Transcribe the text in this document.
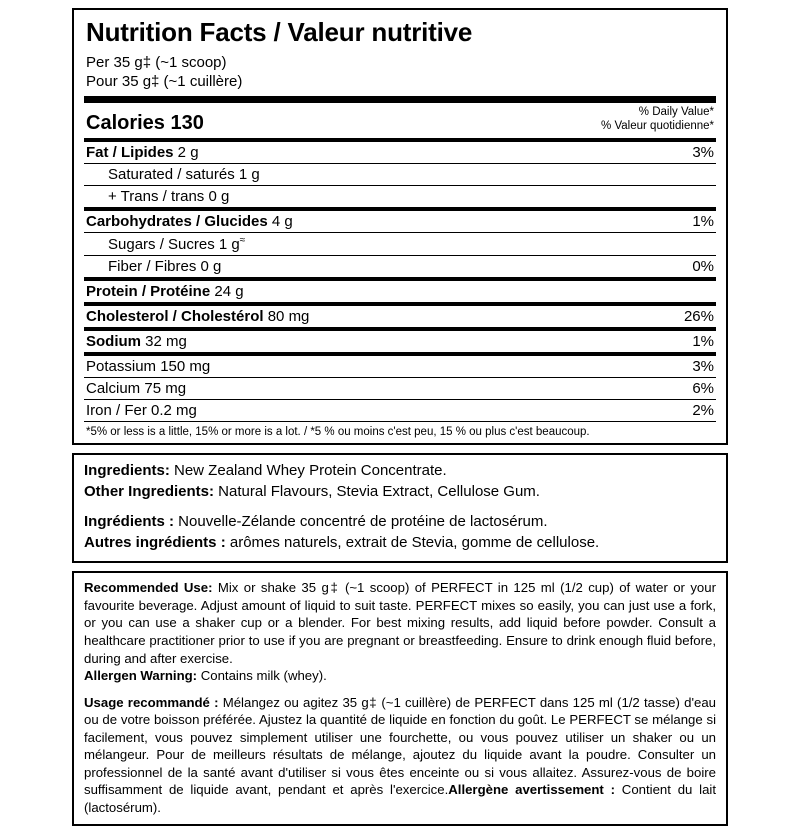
Nutrition Facts / Valeur nutritive
Per 35 g‡ (~1 scoop)
Pour 35 g‡ (~1 cuillère)
Calories 130	% Daily Value*
% Valeur quotidienne*
Fat / Lipides 2 g	3%
Saturated / saturés 1 g	
+ Trans / trans 0 g	
Carbohydrates / Glucides 4 g	1%
Sugars / Sucres 1 g≈	
Fiber / Fibres 0 g	0%
Protein / Protéine 24 g	
Cholesterol / Cholestérol 80 mg	26%
Sodium 32 mg	1%
Potassium 150 mg	3%
Calcium 75 mg	6%
Iron / Fer 0.2 mg	2%
*5% or less is a little, 15% or more is a lot. / *5 % ou moins c'est peu, 15 % ou plus c'est beaucoup.

Ingredients: New Zealand Whey Protein Concentrate.

Other Ingredients: Natural Flavours, Stevia Extract, Cellulose Gum.

Ingrédients : Nouvelle-Zélande concentré de protéine de lactosérum.

Autres ingrédients : arômes naturels, extrait de Stevia, gomme de cellulose.

Recommended Use: Mix or shake 35 g‡ (~1 scoop) of PERFECT in 125 ml (1/2 cup) of water or your favourite beverage. Adjust amount of liquid to suit taste. PERFECT mixes so easily, you can just use a fork, or you can use a shaker cup or a blender. For best mixing results, add liquid before powder. Consult a healthcare practitioner prior to use if you are pregnant or breastfeeding. Ensure to drink enough fluid before, during and after exercise.

Allergen Warning: Contains milk (whey).

Usage recommandé : Mélangez ou agitez 35 g‡ (~1 cuillère) de PERFECT dans 125 ml (1/2 tasse) d'eau ou de votre boisson préférée. Ajustez la quantité de liquide en fonction du goût. Le PERFECT se mélange si facilement, vous pouvez simplement utiliser une fourchette, ou vous pouvez utiliser un shaker ou un mélangeur. Pour de meilleurs résultats de mélange, ajoutez du liquide avant la poudre. Consulter un professionnel de la santé avant d'utiliser si vous êtes enceinte ou si vous allaitez. Assurez-vous de boire suffisamment de liquide avant, pendant et après l'exercice.Allergène avertissement : Contient du lait (lactosérum).
